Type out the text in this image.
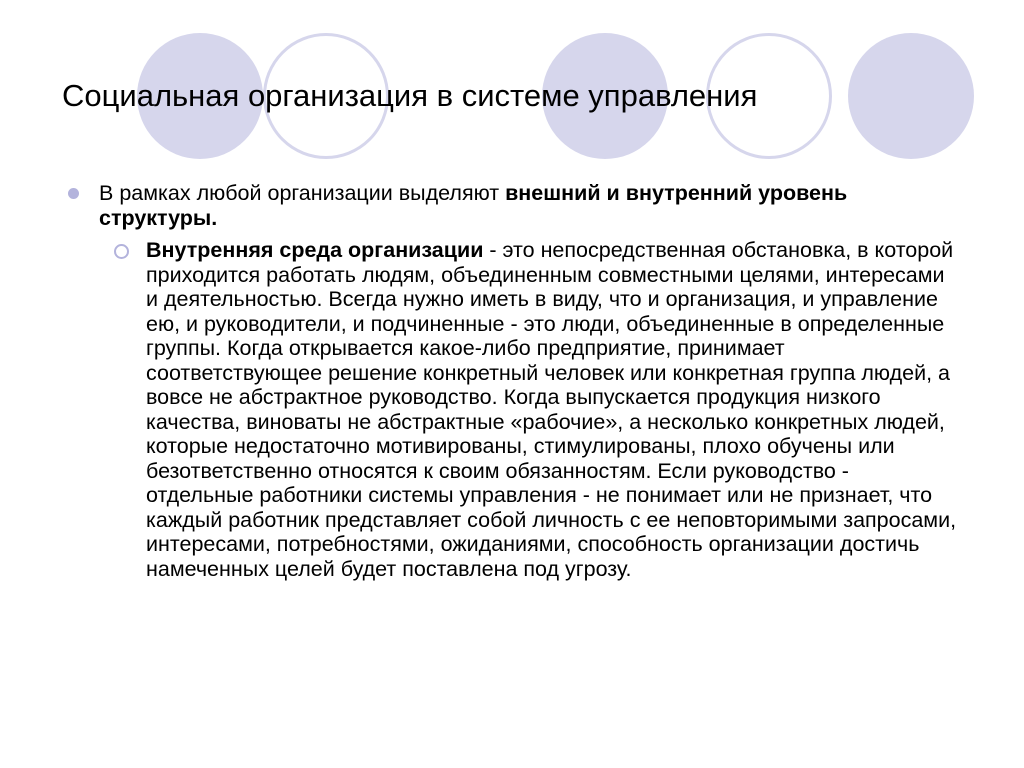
Социальная организация в системе управления
В рамках любой организации выделяют внешний и внутренний уровень структуры.
Внутренняя среда организации - это непосредственная обстановка, в которой приходится работать людям, объединенным совместными целями, интересами и деятельностью. Всегда нужно иметь в виду, что и организация, и управление ею, и руководители, и подчиненные - это люди, объединенные в определенные группы. Когда открывается какое-либо предприятие, принимает соответствующее решение конкретный человек или конкретная группа людей, а вовсе не абстрактное руководство. Когда выпускается продукция низкого качества, виноваты не абстрактные «рабочие», а несколько конкретных людей, которые недостаточно мотивированы, стимулированы, плохо обучены или безответственно относятся к своим обязанностям. Если руководство - отдельные работники системы управления - не понимает или не признает, что каждый работник представляет собой личность с ее неповторимыми запросами, интересами, потребностями, ожиданиями, способность организации достичь намеченных целей будет поставлена под угрозу.
